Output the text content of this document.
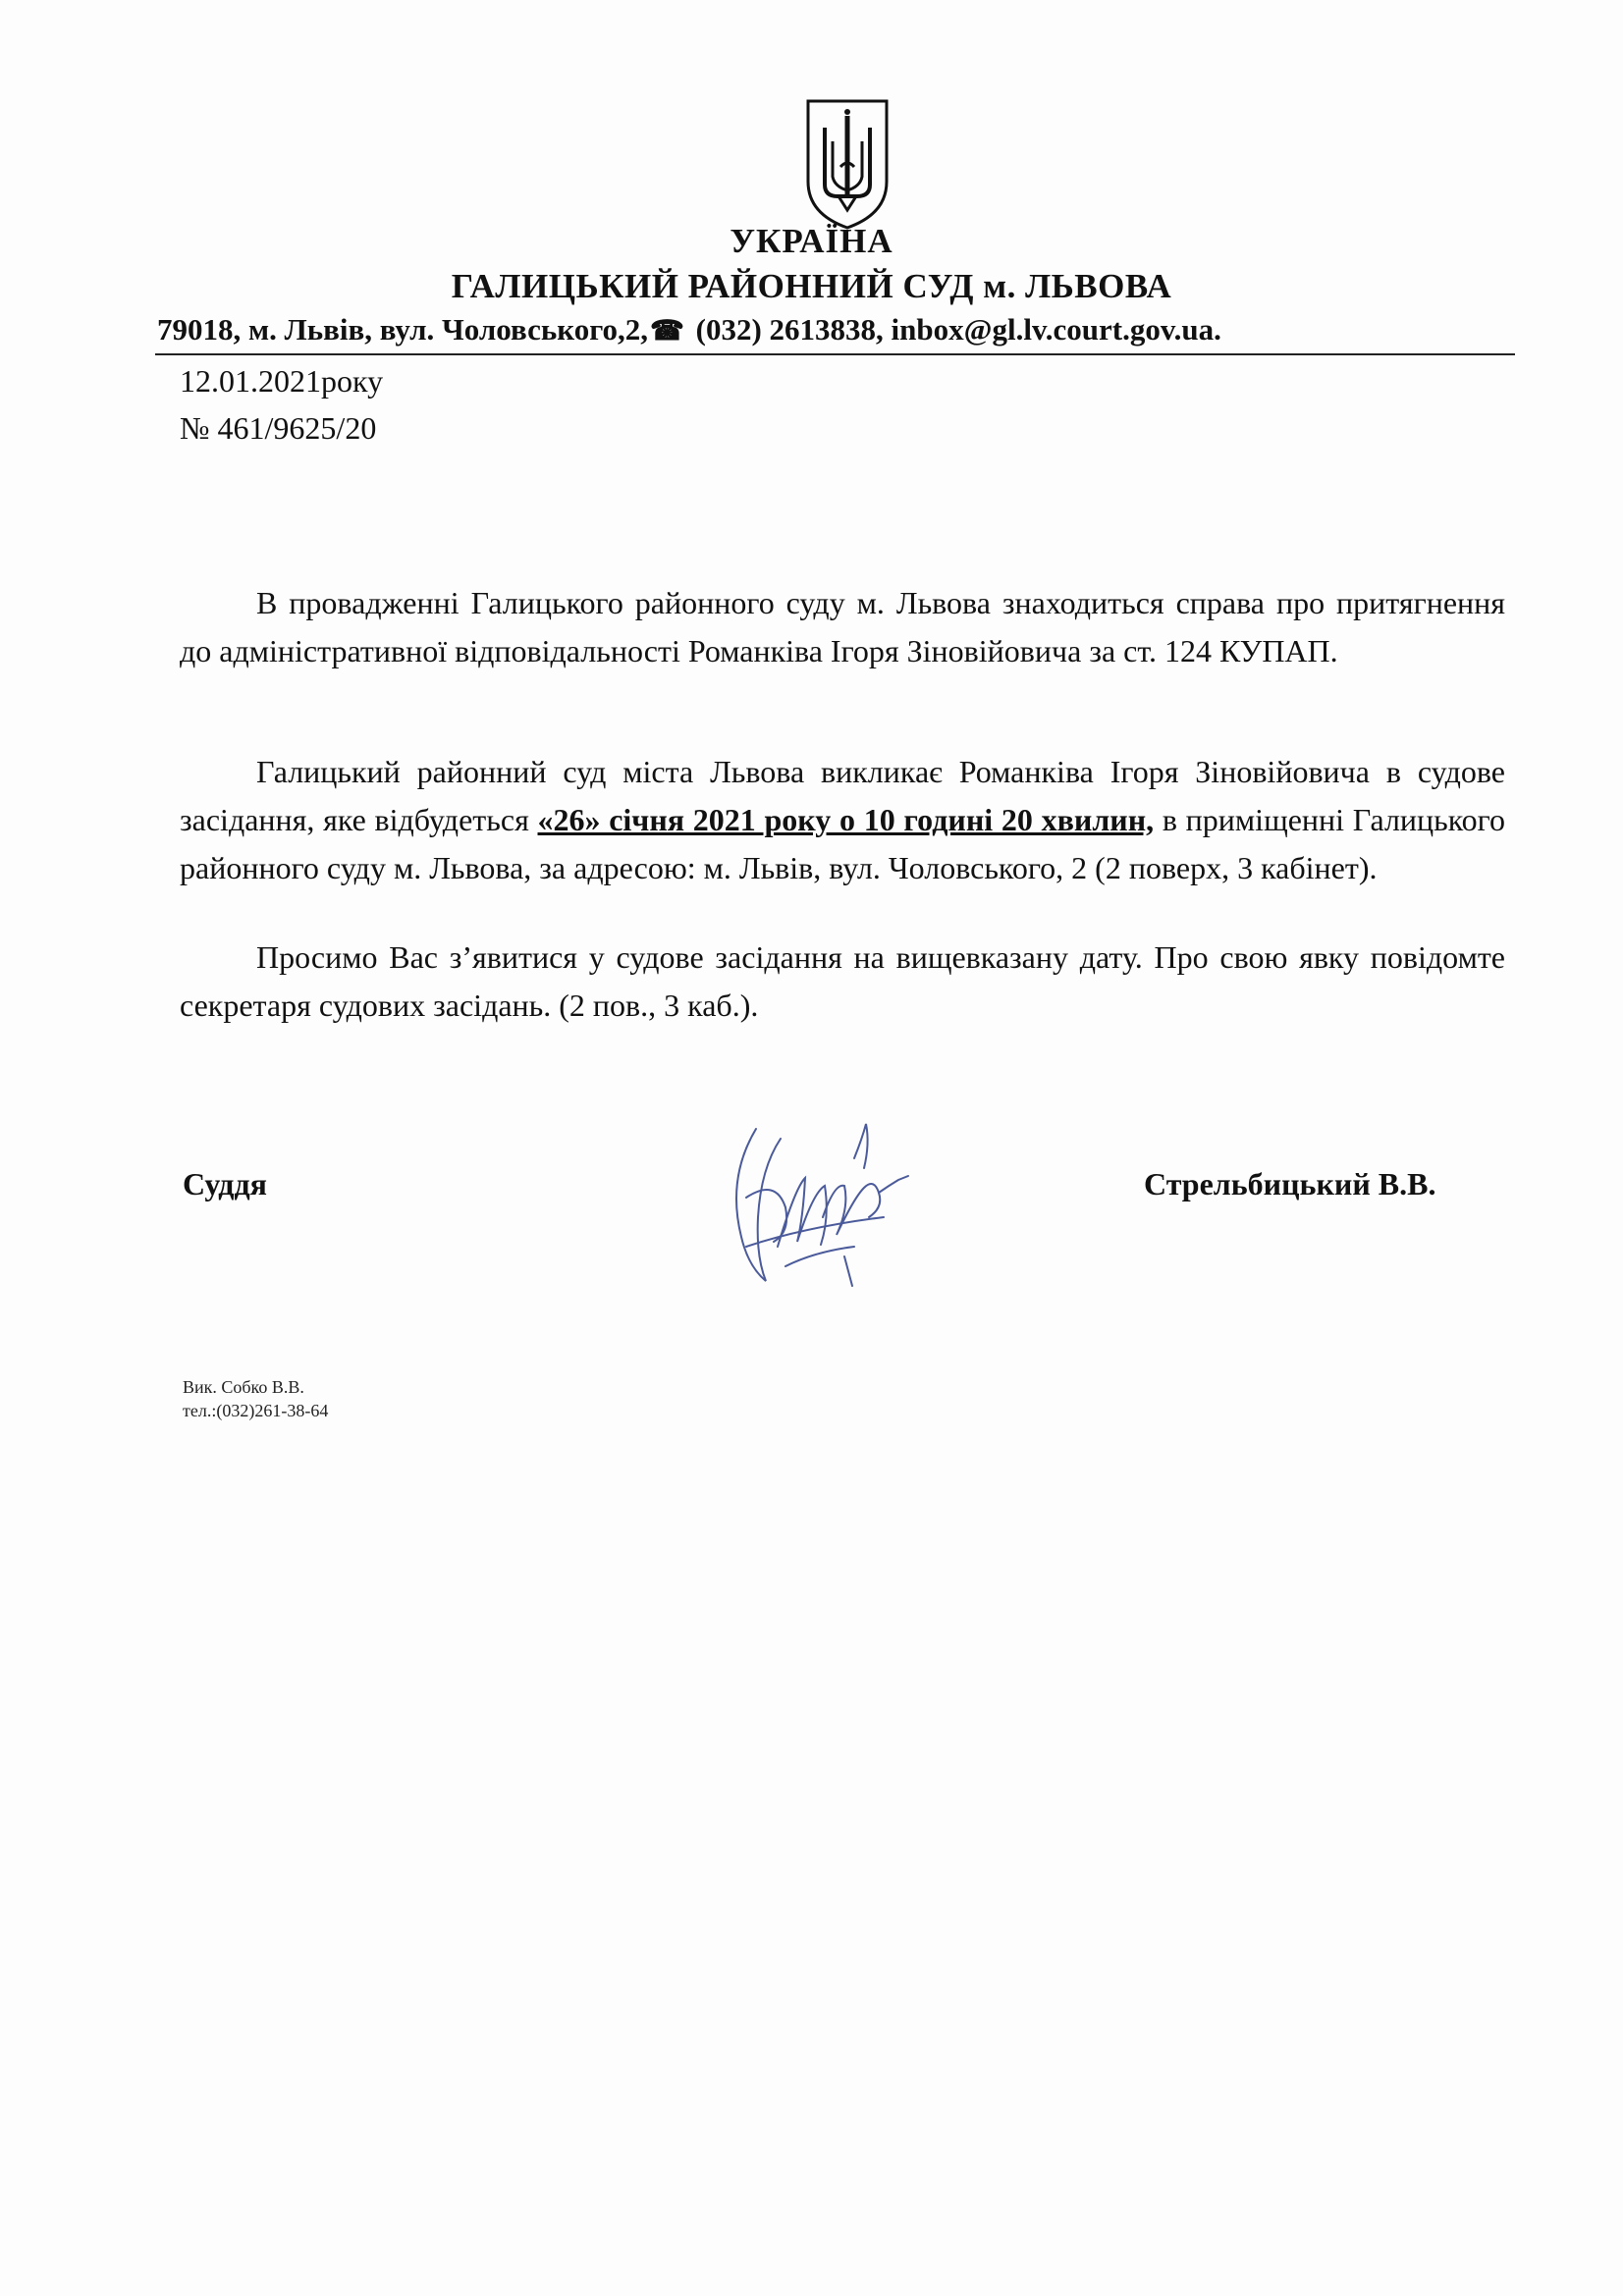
УКРАЇНА
ГАЛИЦЬКИЙ РАЙОННИЙ СУД м. ЛЬВОВА
79018, м. Львів, вул. Чоловського,2,☎ (032) 2613838, inbox@gl.lv.court.gov.ua.
12.01.2021року
№ 461/9625/20
В провадженні Галицького районного суду м. Львова знаходиться справа про притягнення до адміністративної відповідальності Романківа Ігоря Зіновійовича за ст. 124 КУПАП.
Галицький районний суд міста Львова викликає Романківа Ігоря Зіновійовича в судове засідання, яке відбудеться «26» січня 2021 року о 10 годині 20 хвилин, в приміщенні Галицького районного суду м. Львова, за адресою: м. Львів, вул. Чоловського, 2 (2 поверх, 3 кабінет).
Просимо Вас з’явитися у судове засідання на вищевказану дату. Про свою явку повідомте секретаря судових засідань. (2 пов., 3 каб.).
Суддя	Стрельбицький В.В.
Вик. Собко В.В.
тел.:(032)261-38-64
